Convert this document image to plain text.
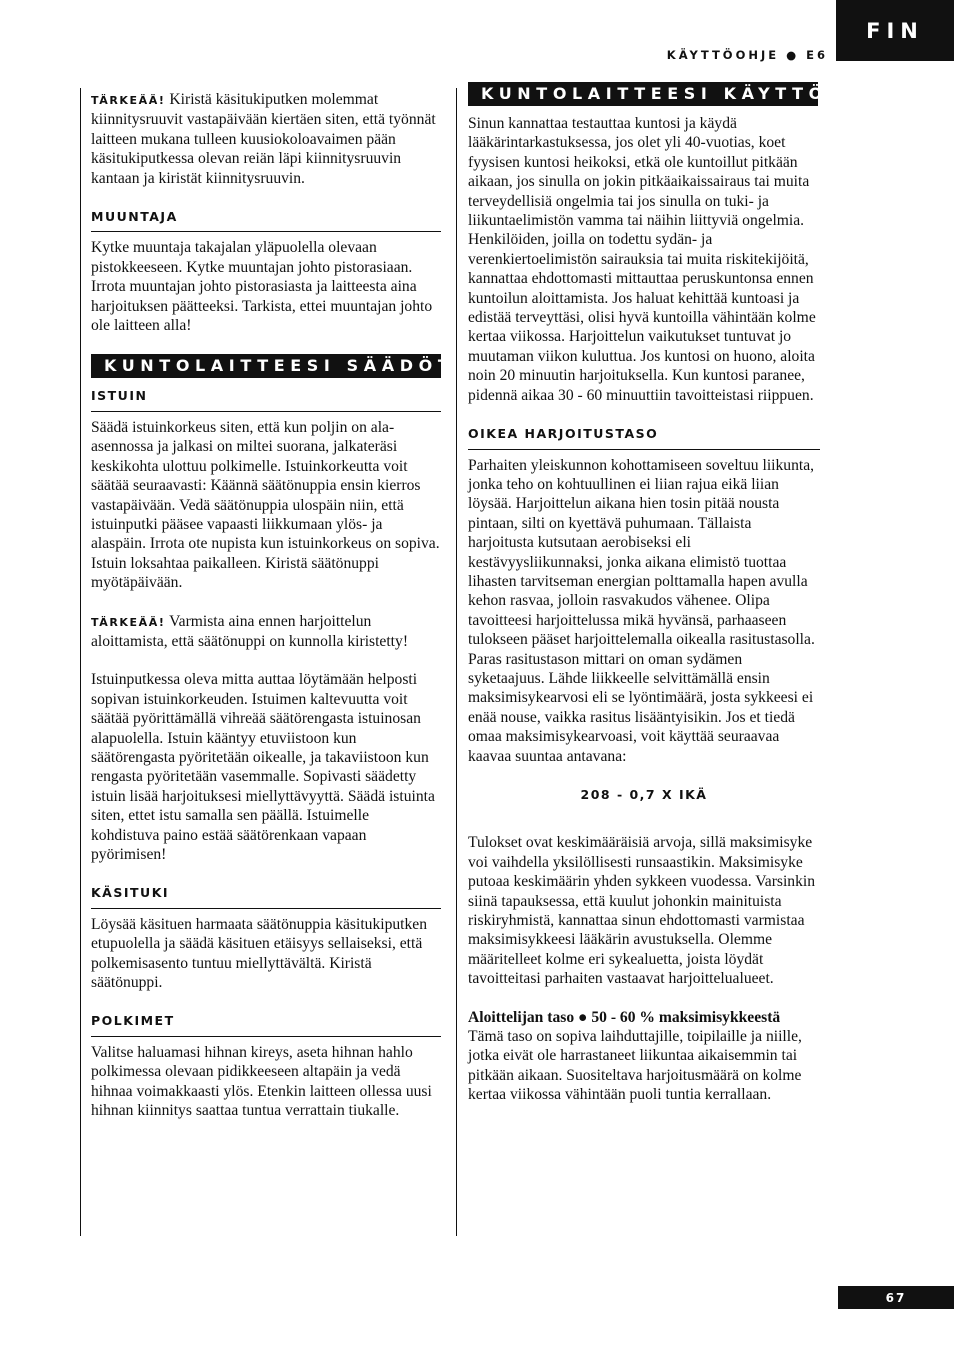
KÄYTTÖOHJE ● E6
FIN

TÄRKEÄÄ! Kiristä käsitukiputken molemmat kiinnitysruuvit vastapäivään kiertäen siten, että työnnät laitteen mukana tulleen kuusiokoloavaimen pään käsitukiputkessa olevan reiän läpi kiinnitysruuvin kantaan ja kiristät kiinnitysruuvin.

MUUNTAJA

Kytke muuntaja takajalan yläpuolella olevaan pistokkeeseen. Kytke muuntajan johto pistorasiaan. Irrota muuntajan johto pistorasiasta ja laitteesta aina harjoituksen päätteeksi. Tarkista, ettei muuntajan johto ole laitteen alla!

KUNTOLAITTEESI SÄÄDÖT
ISTUIN

Säädä istuinkorkeus siten, että kun poljin on ala-asennossa ja jalkasi on miltei suorana, jalkateräsi keskikohta ulottuu polkimelle. Istuinkorkeutta voit säätää seuraavasti: Käännä säätönuppia ensin kierros vastapäivään. Vedä säätönuppia ulospäin niin, että istuinputki pääsee vapaasti liikkumaan ylös- ja alaspäin. Irrota ote nupista kun istuinkorkeus on sopiva. Istuin loksahtaa paikalleen. Kiristä säätönuppi myötäpäivään.

TÄRKEÄÄ! Varmista aina ennen harjoittelun aloittamista, että säätönuppi on kunnolla kiristetty!

Istuinputkessa oleva mitta auttaa löytämään helposti sopivan istuinkorkeuden. Istuimen kaltevuutta voit säätää pyörittämällä vihreää säätörengasta istuinosan alapuolella. Istuin kääntyy etuviistoon kun säätörengasta pyöritetään oikealle, ja takaviistoon kun rengasta pyöritetään vasemmalle. Sopivasti säädetty istuin lisää harjoituksesi miellyttävyyttä. Säädä istuinta siten, ettet istu samalla sen päällä. Istuimelle kohdistuva paino estää säätörenkaan vapaan pyörimisen!

KÄSITUKI

Löysää käsituen harmaata säätönuppia käsitukiputken etupuolella ja säädä käsituen etäisyys sellaiseksi, että polkemisasento tuntuu miellyttävältä. Kiristä säätönuppi.

POLKIMET

Valitse haluamasi hihnan kireys, aseta hihnan hahlo polkimessa olevaan pidikkeeseen altapäin ja vedä hihnaa voimakkaasti ylös. Etenkin laitteen ollessa uusi hihnan kiinnitys saattaa tuntua verrattain tiukalle.

KUNTOLAITTEESI KÄYTTÖ

Sinun kannattaa testauttaa kuntosi ja käydä lääkärintarkastuksessa, jos olet yli 40-vuotias, koet fyysisen kuntosi heikoksi, etkä ole kuntoillut pitkään aikaan, jos sinulla on jokin pitkäaikaissairaus tai muita terveydellisiä ongelmia tai jos sinulla on tuki- ja liikuntaelimistön vamma tai näihin liittyviä ongelmia. Henkilöiden, joilla on todettu sydän- ja verenkiertoelimistön sairauksia tai muita riskitekijöitä, kannattaa ehdottomasti mittauttaa peruskuntonsa ennen kuntoilun aloittamista. Jos haluat kehittää kuntoasi ja edistää terveyttäsi, olisi hyvä kuntoilla vähintään kolme kertaa viikossa. Harjoittelun vaikutukset tuntuvat jo muutaman viikon kuluttua. Jos kuntosi on huono, aloita noin 20 minuutin harjoituksella. Kun kuntosi paranee, pidennä aikaa 30 - 60 minuuttiin tavoitteistasi riippuen.

OIKEA HARJOITUSTASO

Parhaiten yleiskunnon kohottamiseen soveltuu liikunta, jonka teho on kohtuullinen ei liian rajua eikä liian löysää. Harjoittelun aikana hien tosin pitää nousta pintaan, silti on kyettävä puhumaan. Tällaista harjoitusta kutsutaan aerobiseksi eli kestävyysliikunnaksi, jonka aikana elimistö tuottaa lihasten tarvitseman energian polttamalla hapen avulla kehon rasvaa, jolloin rasvakudos vähenee. Olipa tavoitteesi harjoittelussa mikä hyvänsä, parhaaseen tulokseen pääset harjoittelemalla oikealla rasitustasolla. Paras rasitustason mittari on oman sydämen syketaajuus. Lähde liikkeelle selvittämällä ensin maksimisykearvosi eli se lyöntimäärä, josta sykkeesi ei enää nouse, vaikka rasitus lisääntyisikin. Jos et tiedä omaa maksimisykearvoasi, voit käyttää seuraavaa kaavaa suuntaa antavana:

208 - 0,7 X IKÄ

Tulokset ovat keskimääräisiä arvoja, sillä maksimisyke voi vaihdella yksilöllisesti runsaastikin. Maksimisyke putoaa keskimäärin yhden sykkeen vuodessa. Varsinkin siinä tapauksessa, että kuulut johonkin mainituista riskiryhmistä, kannattaa sinun ehdottomasti varmistaa maksimisykkeesi lääkärin avustuksella. Olemme määritelleet kolme eri sykealuetta, joista löydät tavoitteitasi parhaiten vastaavat harjoittelualueet.

Aloittelijan taso ● 50 - 60 % maksimisykkeestä

Tämä taso on sopiva laihduttajille, toipilaille ja niille, jotka eivät ole harrastaneet liikuntaa aikaisemmin tai pitkään aikaan. Suositeltava harjoitusmäärä on kolme kertaa viikossa vähintään puoli tuntia kerrallaan.

67
